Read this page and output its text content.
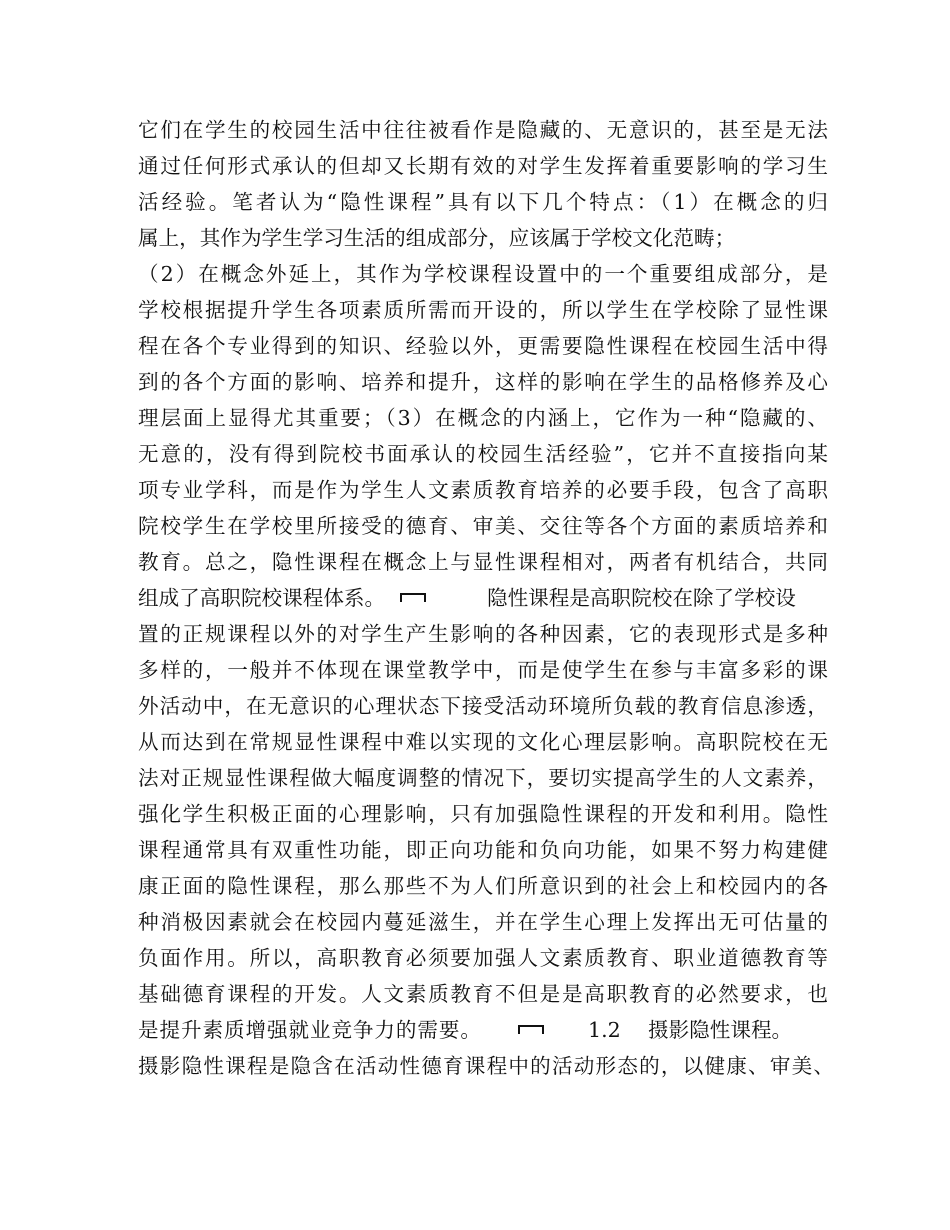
它们在学生的校园生活中往往被看作是隐藏的、无意识的，甚至是无法
通过任何形式承认的但却又长期有效的对学生发挥着重要影响的学习生
活经验。笔者认为“隐性课程”具有以下几个特点：（1）在概念的归
属上，其作为学生学习生活的组成部分，应该属于学校文化范畴；
（2）在概念外延上，其作为学校课程设置中的一个重要组成部分，是
学校根据提升学生各项素质所需而开设的，所以学生在学校除了显性课
程在各个专业得到的知识、经验以外，更需要隐性课程在校园生活中得
到的各个方面的影响、培养和提升，这样的影响在学生的品格修养及心
理层面上显得尤其重要；（3）在概念的内涵上，它作为一种“隐藏的、
无意的，没有得到院校书面承认的校园生活经验”，它并不直接指向某
项专业学科，而是作为学生人文素质教育培养的必要手段，包含了高职
院校学生在学校里所接受的德育、审美、交往等各个方面的素质培养和
教育。总之，隐性课程在概念上与显性课程相对，两者有机结合，共同
组成了高职院校课程体系。	隐性课程是高职院校在除了学校设
置的正规课程以外的对学生产生影响的各种因素，它的表现形式是多种
多样的，一般并不体现在课堂教学中，而是使学生在参与丰富多彩的课
外活动中，在无意识的心理状态下接受活动环境所负载的教育信息渗透，
从而达到在常规显性课程中难以实现的文化心理层影响。高职院校在无
法对正规显性课程做大幅度调整的情况下，要切实提高学生的人文素养，
强化学生积极正面的心理影响，只有加强隐性课程的开发和利用。隐性
课程通常具有双重性功能，即正向功能和负向功能，如果不努力构建健
康正面的隐性课程，那么那些不为人们所意识到的社会上和校园内的各
种消极因素就会在校园内蔓延滋生，并在学生心理上发挥出无可估量的
负面作用。所以，高职教育必须要加强人文素质教育、职业道德教育等
基础德育课程的开发。人文素质教育不但是是高职教育的必然要求，也
是提升素质增强就业竞争力的需要。	1.2 摄影隐性课程。
摄影隐性课程是隐含在活动性德育课程中的活动形态的，以健康、审美、
